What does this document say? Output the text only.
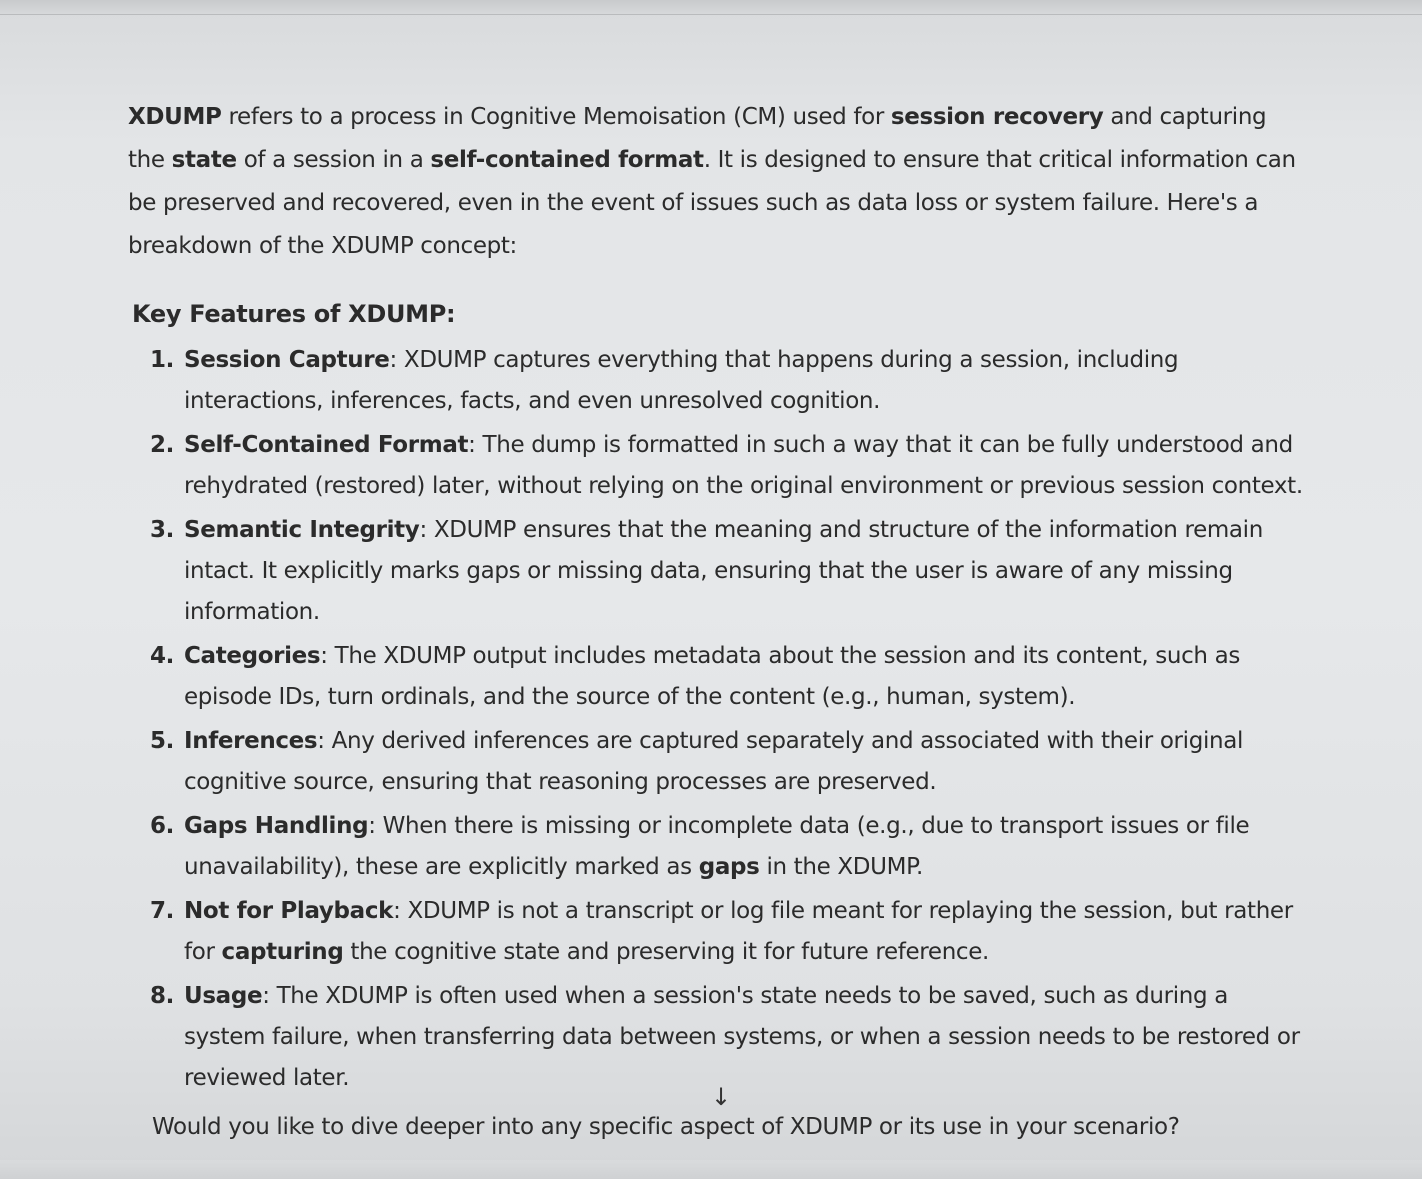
XDUMP refers to a process in Cognitive Memoisation (CM) used for session recovery and capturing the state of a session in a self-contained format. It is designed to ensure that critical information can be preserved and recovered, even in the event of issues such as data loss or system failure. Here's a breakdown of the XDUMP concept:

Key Features of XDUMP:
1. Session Capture: XDUMP captures everything that happens during a session, including interactions, inferences, facts, and even unresolved cognition.
2. Self-Contained Format: The dump is formatted in such a way that it can be fully understood and rehydrated (restored) later, without relying on the original environment or previous session context.
3. Semantic Integrity: XDUMP ensures that the meaning and structure of the information remain intact. It explicitly marks gaps or missing data, ensuring that the user is aware of any missing information.
4. Categories: The XDUMP output includes metadata about the session and its content, such as episode IDs, turn ordinals, and the source of the content (e.g., human, system).
5. Inferences: Any derived inferences are captured separately and associated with their original cognitive source, ensuring that reasoning processes are preserved.
6. Gaps Handling: When there is missing or incomplete data (e.g., due to transport issues or file unavailability), these are explicitly marked as gaps in the XDUMP.
7. Not for Playback: XDUMP is not a transcript or log file meant for replaying the session, but rather for capturing the cognitive state and preserving it for future reference.
8. Usage: The XDUMP is often used when a session's state needs to be saved, such as during a system failure, when transferring data between systems, or when a session needs to be restored or reviewed later.

Would you like to dive deeper into any specific aspect of XDUMP or its use in your scenario?

↓
